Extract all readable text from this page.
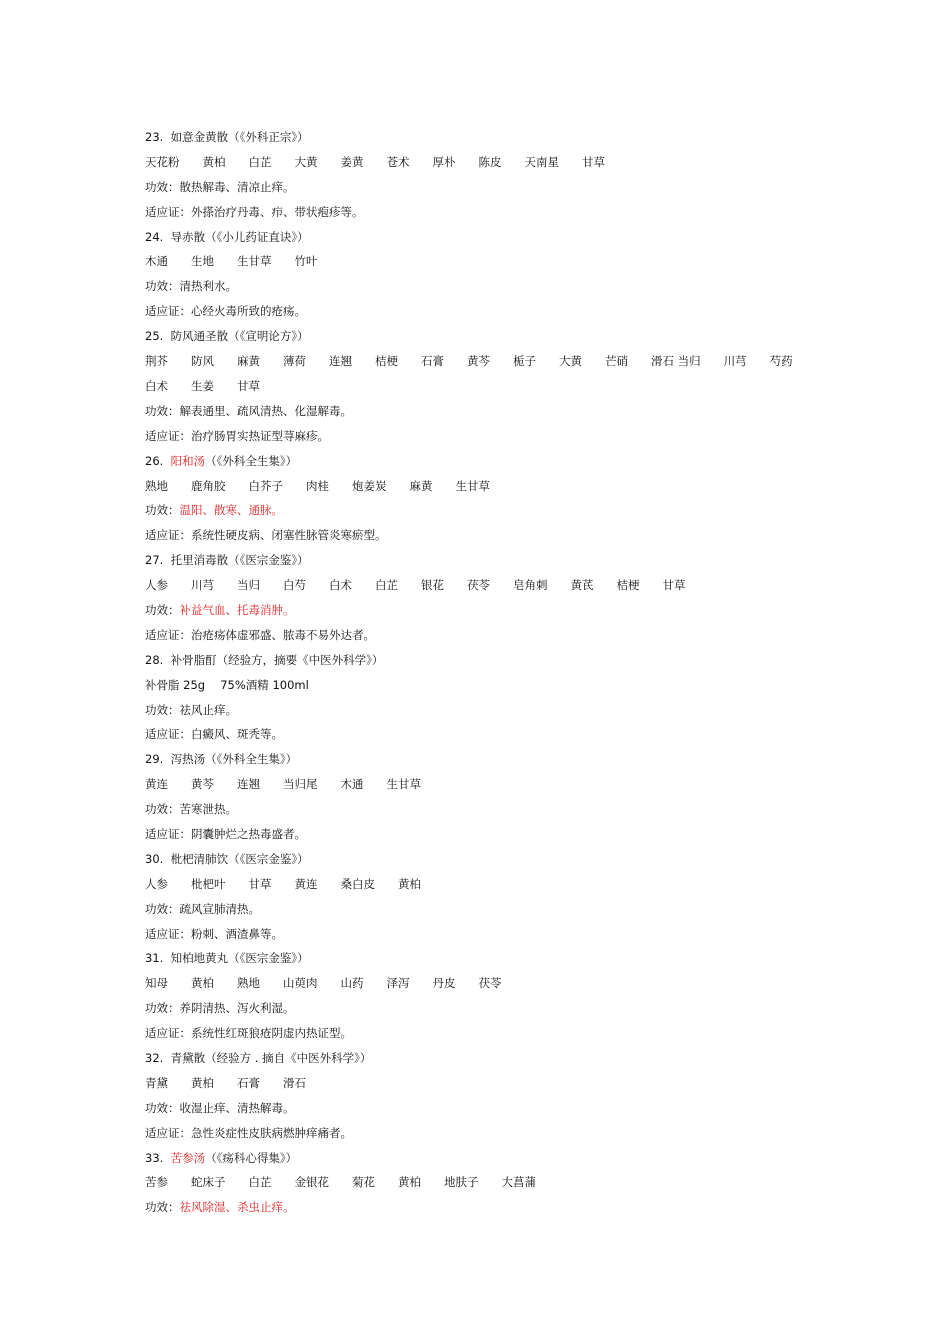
23. 如意金黄散（《外科正宗》）
天花粉　　黄柏　　白芷　　大黄　　姜黄　　苍术　　厚朴　　陈皮　　天南星　　甘草
功效：散热解毒、清凉止痒。
适应证：外搽治疗丹毒、疖、带状疱疹等。
24. 导赤散（《小儿药证直诀》）
木通　　生地　　生甘草　　竹叶
功效：清热利水。
适应证：心经火毒所致的疮疡。
25. 防风通圣散（《宣明论方》）
荆芥　　防风　　麻黄　　薄荷　　连翘　　桔梗　　石膏　　黄芩　　栀子　　大黄　　芒硝　　滑石 当归　　川芎　　芍药　　白术　　生姜　　甘草
功效：解表通里、疏风清热、化湿解毒。
适应证：治疗肠胃实热证型荨麻疹。
26. 阳和汤（《外科全生集》）
熟地　　鹿角胶　　白芥子　　肉桂　　炮姜炭　　麻黄　　生甘草
功效：温阳、散寒、通脉。
适应证：系统性硬皮病、闭塞性脉管炎寒瘀型。
27. 托里消毒散（《医宗金鉴》）
人参　　川芎　　当归　　白芍　　白术　　白芷　　银花　　茯苓　　皂角刺　　黄芪　　桔梗　　甘草
功效：补益气血、托毒消肿。
适应证：治疮疡体虚邪盛、脓毒不易外达者。
28. 补骨脂酊（经验方，摘要《中医外科学》）
补骨脂 25g　 75%酒精 100ml
功效：祛风止痒。
适应证：白癜风、斑秃等。
29. 泻热汤（《外科全生集》）
黄连　　黄芩　　连翘　　当归尾　　木通　　生甘草
功效：苦寒泄热。
适应证：阴囊肿烂之热毒盛者。
30. 枇杷清肺饮（《医宗金鉴》）
人参　　枇杷叶　　甘草　　黄连　　桑白皮　　黄柏
功效：疏风宣肺清热。
适应证：粉刺、酒渣鼻等。
31. 知柏地黄丸（《医宗金鉴》）
知母　　黄柏　　熟地　　山萸肉　　山药　　泽泻　　丹皮　　茯苓
功效：养阴清热、泻火利湿。
适应证：系统性红斑狼疮阴虚内热证型。
32. 青黛散（经验方 . 摘自《中医外科学》）
青黛　　黄柏　　石膏　　滑石
功效：收湿止痒、清热解毒。
适应证：急性炎症性皮肤病燃肿痒痛者。
33. 苦参汤（《疡科心得集》）
苦参　　蛇床子　　白芷　　金银花　　菊花　　黄柏　　地肤子　　大菖蒲
功效：祛风除湿、杀虫止痒。
